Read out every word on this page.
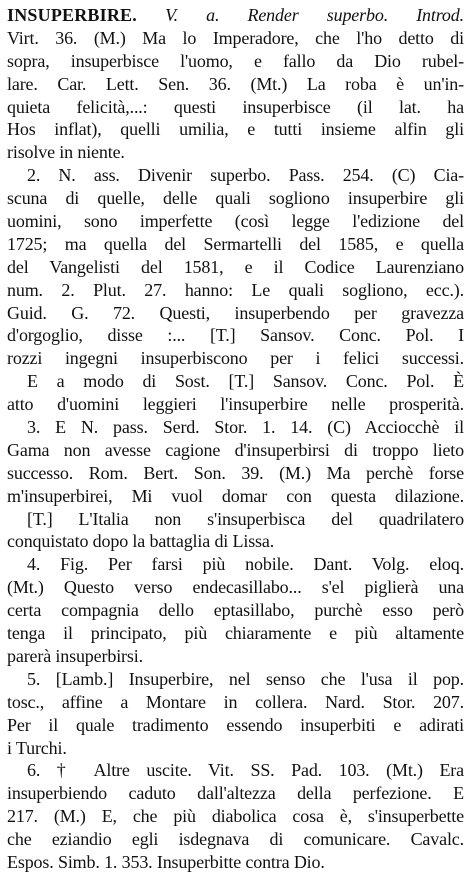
INSUPERBIRE. V. a. Render superbo. Introd.
Virt. 36. (M.) Ma lo Imperadore, che l'ho detto di
sopra, insuperbisce l'uomo, e fallo da Dio rubel-
lare. Car. Lett. Sen. 36. (Mt.) La roba è un'in-
quieta felicità,...: questi insuperbisce (il lat. ha
Hos inflat), quelli umilia, e tutti insieme alfin gli
risolve in niente.
2. N. ass. Divenir superbo. Pass. 254. (C) Cia-
scuna di quelle, delle quali sogliono insuperbire gli
uomini, sono imperfette (così legge l'edizione del
1725; ma quella del Sermartelli del 1585, e quella
del Vangelisti del 1581, e il Codice Laurenziano
num. 2. Plut. 27. hanno: Le quali sogliono, ecc.).
Guid. G. 72. Questi, insuperbendo per gravezza
d'orgoglio, disse :... [T.] Sansov. Conc. Pol. I
rozzi ingegni insuperbiscono per i felici successi.
E a modo di Sost. [T.] Sansov. Conc. Pol. È
atto d'uomini leggieri l'insuperbire nelle prosperità.
3. E N. pass. Serd. Stor. 1. 14. (C) Acciocchè il
Gama non avesse cagione d'insuperbirsi di troppo lieto
successo. Rom. Bert. Son. 39. (M.) Ma perchè forse
m'insuperbirei, Mi vuol domar con questa dilazione.
[T.] L'Italia non s'insuperbisca del quadrilatero
conquistato dopo la battaglia di Lissa.
4. Fig. Per farsi più nobile. Dant. Volg. eloq.
(Mt.) Questo verso endecasillabo... s'el piglierà una
certa compagnia dello eptasillabo, purchè esso però
tenga il principato, più chiaramente e più altamente
parerà insuperbirsi.
5. [Lamb.] Insuperbire, nel senso che l'usa il pop.
tosc., affine a Montare in collera. Nard. Stor. 207.
Per il quale tradimento essendo insuperbiti e adirati
i Turchi.
6. † Altre uscite. Vit. SS. Pad. 103. (Mt.) Era
insuperbiendo caduto dall'altezza della perfezione. E
217. (M.) E, che più diabolica cosa è, s'insuperbette
che eziandio egli isdegnava di comunicare. Cavalc.
Espos. Simb. 1. 353. Insuperbitte contra Dio.
